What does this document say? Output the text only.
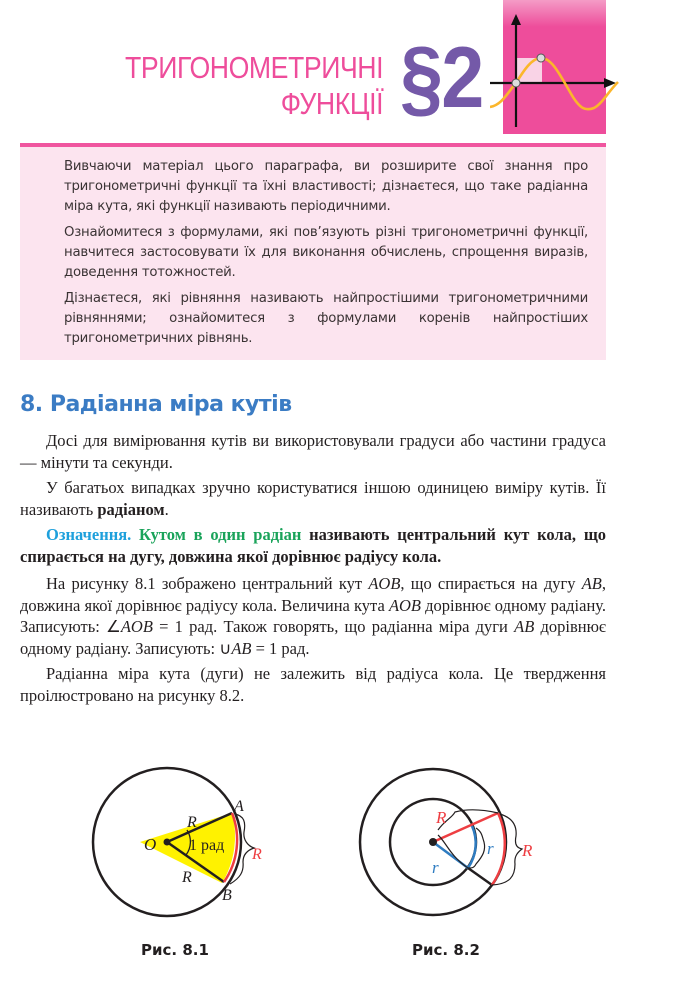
ТРИГОНОМЕТРИЧНІ
ФУНКЦІЇ §2

Вивчаючи матеріал цього параграфа, ви розширите свої знання про тригонометричні функції та їхні властивості; дізнаєтеся, що таке радіанна міра кута, які функції називають періодичними.

Ознайомитеся з формулами, які пов’язують різні тригонометричні функції, навчитеся застосовувати їх для виконання обчислень, спрощення виразів, доведення тотожностей.

Дізнаєтеся, які рівняння називають найпростішими тригонометричними рівняннями; ознайомитеся з формулами коренів найпростіших тригонометричних рівнянь.

8. Радіанна міра кутів

Досі для вимірювання кутів ви використовували градуси або частини градуса — мінути та секунди.

У багатьох випадках зручно користуватися іншою одиницею виміру кутів. Її називають радіаном.

Означення. Кутом в один радіан називають центральний кут кола, що спирається на дугу, довжина якої дорівнює радіусу кола.

На рисунку 8.1 зображено центральний кут AOB, що спирається на дугу AB, довжина якої дорівнює радіусу кола. Величина кута AOB дорівнює одному радіану. Записують: ∠AOB = 1 рад. Також говорять, що радіанна міра дуги AB дорівнює одному радіану. Записують: ∪AB = 1 рад.

Радіанна міра кута (дуги) не залежить від радіуса кола. Це твердження проілюстровано на рисунку 8.2.

O
A
B
R
R
R
1 рад
Рис. 8.1
R
R
r
r
Рис. 8.2
